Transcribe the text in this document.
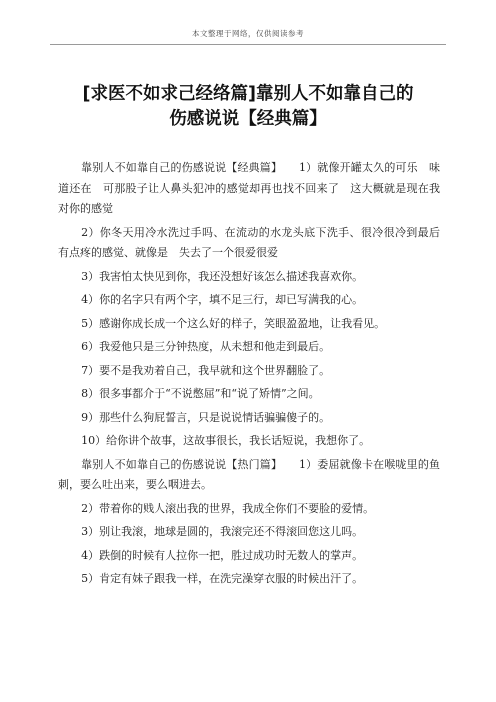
本文整理于网络，仅供阅读参考
[求医不如求己经络篇]靠别人不如靠自己的
伤感说说【经典篇】

靠别人不如靠自己的伤感说说【经典篇】　　1）就像开罐太久的可乐　味道还在　可那股子让人鼻头犯冲的感觉却再也找不回来了　这大概就是现在我对你的感觉

2）你冬天用冷水洗过手吗、在流动的水龙头底下洗手、很冷很冷到最后有点疼的感觉、就像是　失去了一个很爱很爱

3）我害怕太快见到你，我还没想好该怎么描述我喜欢你。

4）你的名字只有两个字，填不足三行，却已写满我的心。

5）感谢你成长成一个这么好的样子，笑眼盈盈地，让我看见。

6）我爱他只是三分钟热度，从未想和他走到最后。

7）要不是我劝着自己，我早就和这个世界翻脸了。

8）很多事都介于“不说憋屈”和“说了矫情”之间。

9）那些什么狗屁誓言，只是说说情话骗骗傻子的。

10）给你讲个故事，这故事很长，我长话短说，我想你了。

靠别人不如靠自己的伤感说说【热门篇】　　1）委屈就像卡在喉咙里的鱼刺，要么吐出来，要么咽进去。

2）带着你的贱人滚出我的世界，我成全你们不要脸的爱情。

3）别让我滚，地球是圆的，我滚完还不得滚回您这儿吗。

4）跌倒的时候有人拉你一把，胜过成功时无数人的掌声。

5）肯定有妹子跟我一样，在洗完澡穿衣服的时候出汗了。
